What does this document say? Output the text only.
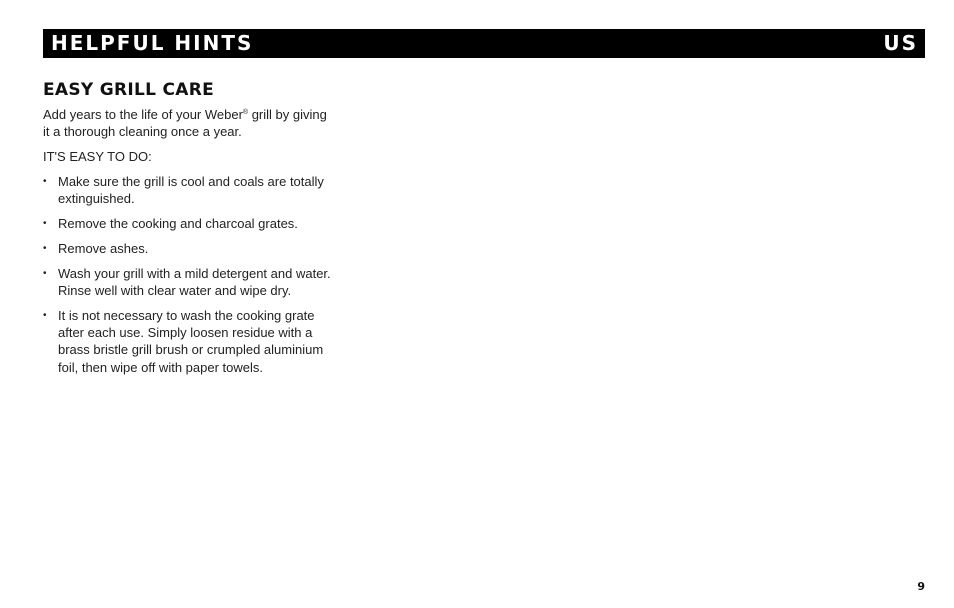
HELPFUL HINTS	US
EASY GRILL CARE

Add years to the life of your Weber® grill by giving it a thorough cleaning once a year.

IT'S EASY TO DO:

• Make sure the grill is cool and coals are totally extinguished.
• Remove the cooking and charcoal grates.
• Remove ashes.
• Wash your grill with a mild detergent and water. Rinse well with clear water and wipe dry.
• It is not necessary to wash the cooking grate after each use. Simply loosen residue with a brass bristle grill brush or crumpled aluminium foil, then wipe off with paper towels.
9
